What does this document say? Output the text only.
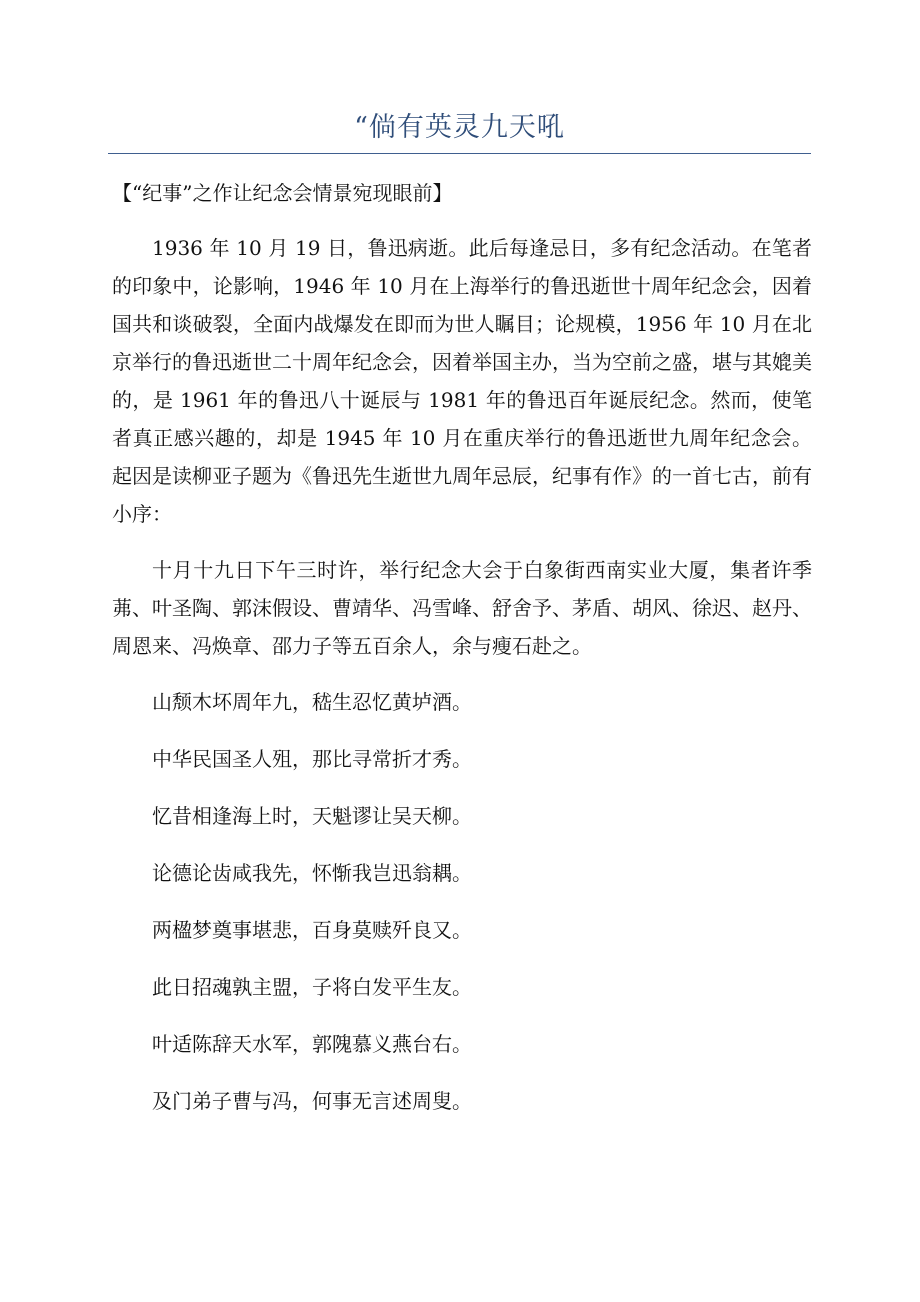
“倘有英灵九天吼

【“纪事”之作让纪念会情景宛现眼前】

1936 年 10 月 19 日，鲁迅病逝。此后每逢忌日，多有纪念活动。在笔者的印象中，论影响，1946 年 10 月在上海举行的鲁迅逝世十周年纪念会，因着国共和谈破裂，全面内战爆发在即而为世人瞩目；论规模，1956 年 10 月在北京举行的鲁迅逝世二十周年纪念会，因着举国主办，当为空前之盛，堪与其媲美的，是 1961 年的鲁迅八十诞辰与 1981 年的鲁迅百年诞辰纪念。然而，使笔者真正感兴趣的，却是 1945 年 10 月在重庆举行的鲁迅逝世九周年纪念会。起因是读柳亚子题为《鲁迅先生逝世九周年忌辰，纪事有作》的一首七古，前有小序：

十月十九日下午三时许，举行纪念大会于白象街西南实业大厦，集者许季茀、叶圣陶、郭沫假设、曹靖华、冯雪峰、舒舍予、茅盾、胡风、徐迟、赵丹、周恩来、冯焕章、邵力子等五百余人，余与瘦石赴之。

山颓木坏周年九，嵇生忍忆黄垆酒。

中华民国圣人殂，那比寻常折才秀。

忆昔相逢海上时，天魁谬让吴天柳。

论德论齿咸我先，怀惭我岂迅翁耦。

两楹梦奠事堪悲，百身莫赎歼良又。

此日招魂孰主盟，子将白发平生友。

叶适陈辞天水军，郭隗慕义燕台右。

及门弟子曹与冯，何事无言述周叟。
